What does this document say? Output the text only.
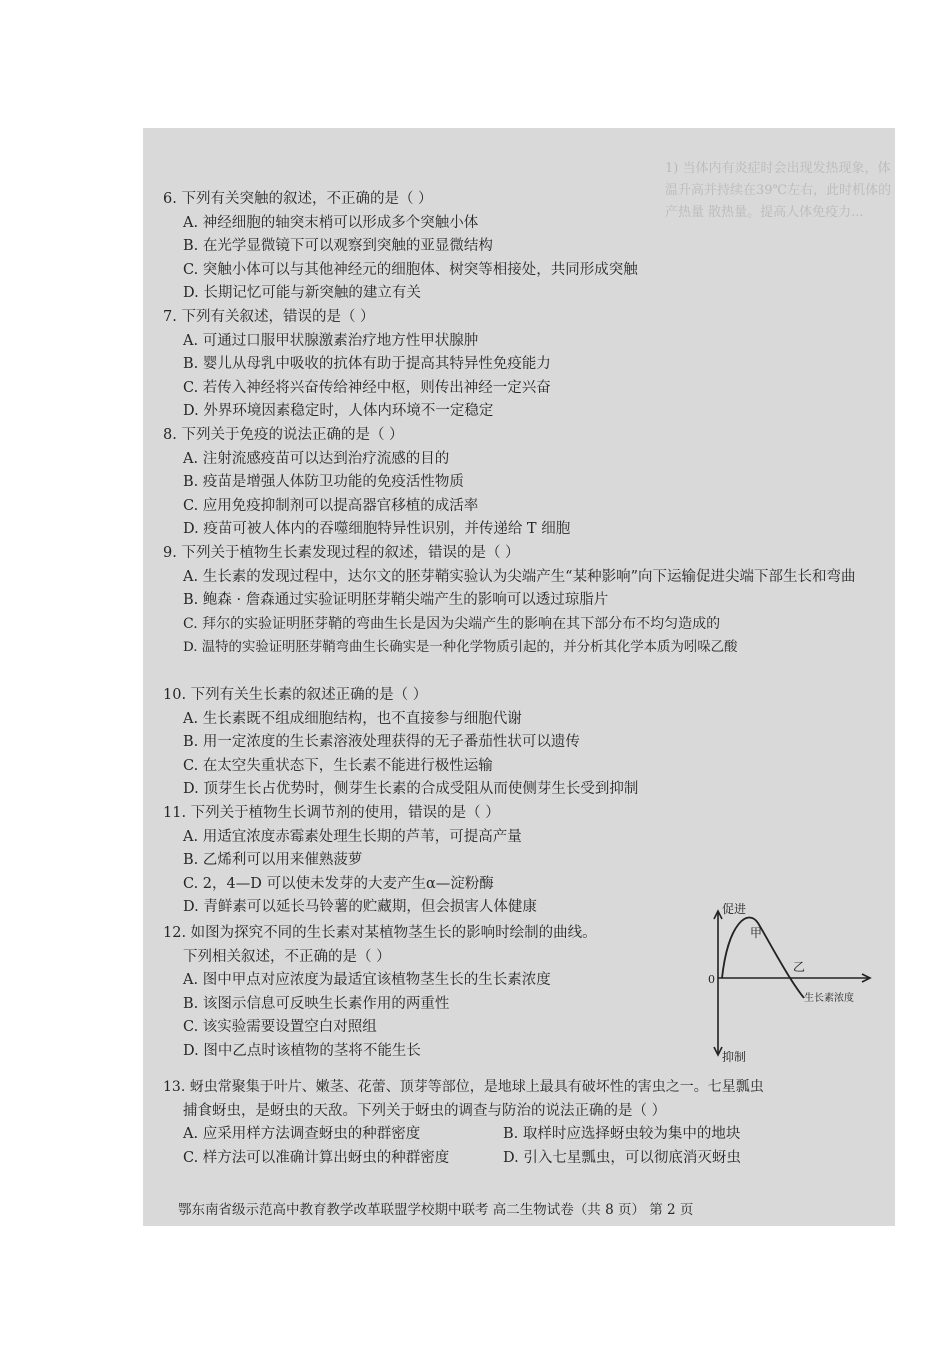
1) 当体内有炎症时会出现发热现象，体温升高并持续在39℃左右，此时机体的产热量 散热量。提高人体免疫力...
6. 下列有关突触的叙述，不正确的是（ ）
A. 神经细胞的轴突末梢可以形成多个突触小体
B. 在光学显微镜下可以观察到突触的亚显微结构
C. 突触小体可以与其他神经元的细胞体、树突等相接处，共同形成突触
D. 长期记忆可能与新突触的建立有关
7. 下列有关叙述，错误的是（ ）
A. 可通过口服甲状腺激素治疗地方性甲状腺肿
B. 婴儿从母乳中吸收的抗体有助于提高其特异性免疫能力
C. 若传入神经将兴奋传给神经中枢，则传出神经一定兴奋
D. 外界环境因素稳定时，人体内环境不一定稳定
8. 下列关于免疫的说法正确的是（ ）
A. 注射流感疫苗可以达到治疗流感的目的
B. 疫苗是增强人体防卫功能的免疫活性物质
C. 应用免疫抑制剂可以提高器官移植的成活率
D. 疫苗可被人体内的吞噬细胞特异性识别，并传递给 T 细胞
9. 下列关于植物生长素发现过程的叙述，错误的是（ ）
A. 生长素的发现过程中，达尔文的胚芽鞘实验认为尖端产生“某种影响”向下运输促进尖端下部生长和弯曲
B. 鲍森 · 詹森通过实验证明胚芽鞘尖端产生的影响可以透过琼脂片
C. 拜尔的实验证明胚芽鞘的弯曲生长是因为尖端产生的影响在其下部分布不均匀造成的
D. 温特的实验证明胚芽鞘弯曲生长确实是一种化学物质引起的，并分析其化学本质为吲哚乙酸
10. 下列有关生长素的叙述正确的是（ ）
A. 生长素既不组成细胞结构，也不直接参与细胞代谢
B. 用一定浓度的生长素溶液处理获得的无子番茄性状可以遗传
C. 在太空失重状态下，生长素不能进行极性运输
D. 顶芽生长占优势时，侧芽生长素的合成受阻从而使侧芽生长受到抑制
11. 下列关于植物生长调节剂的使用，错误的是（ ）
A. 用适宜浓度赤霉素处理生长期的芦苇，可提高产量
B. 乙烯利可以用来催熟菠萝
C. 2，4—D 可以使未发芽的大麦产生α—淀粉酶
D. 青鲜素可以延长马铃薯的贮藏期，但会损害人体健康
12. 如图为探究不同的生长素对某植物茎生长的影响时绘制的曲线。
下列相关叙述，不正确的是（ ）
A. 图中甲点对应浓度为最适宜该植物茎生长的生长素浓度
B. 该图示信息可反映生长素作用的两重性
C. 该实验需要设置空白对照组
D. 图中乙点时该植物的茎将不能生长
促进
抑制
0
甲
乙
生长素浓度
13. 蚜虫常聚集于叶片、嫩茎、花蕾、顶芽等部位，是地球上最具有破坏性的害虫之一。七星瓢虫
捕食蚜虫，是蚜虫的天敌。下列关于蚜虫的调查与防治的说法正确的是（ ）
A. 应采用样方法调查蚜虫的种群密度	B. 取样时应选择蚜虫较为集中的地块
C. 样方法可以准确计算出蚜虫的种群密度	D. 引入七星瓢虫，可以彻底消灭蚜虫
鄂东南省级示范高中教育教学改革联盟学校期中联考 高二生物试卷（共 8 页） 第 2 页
